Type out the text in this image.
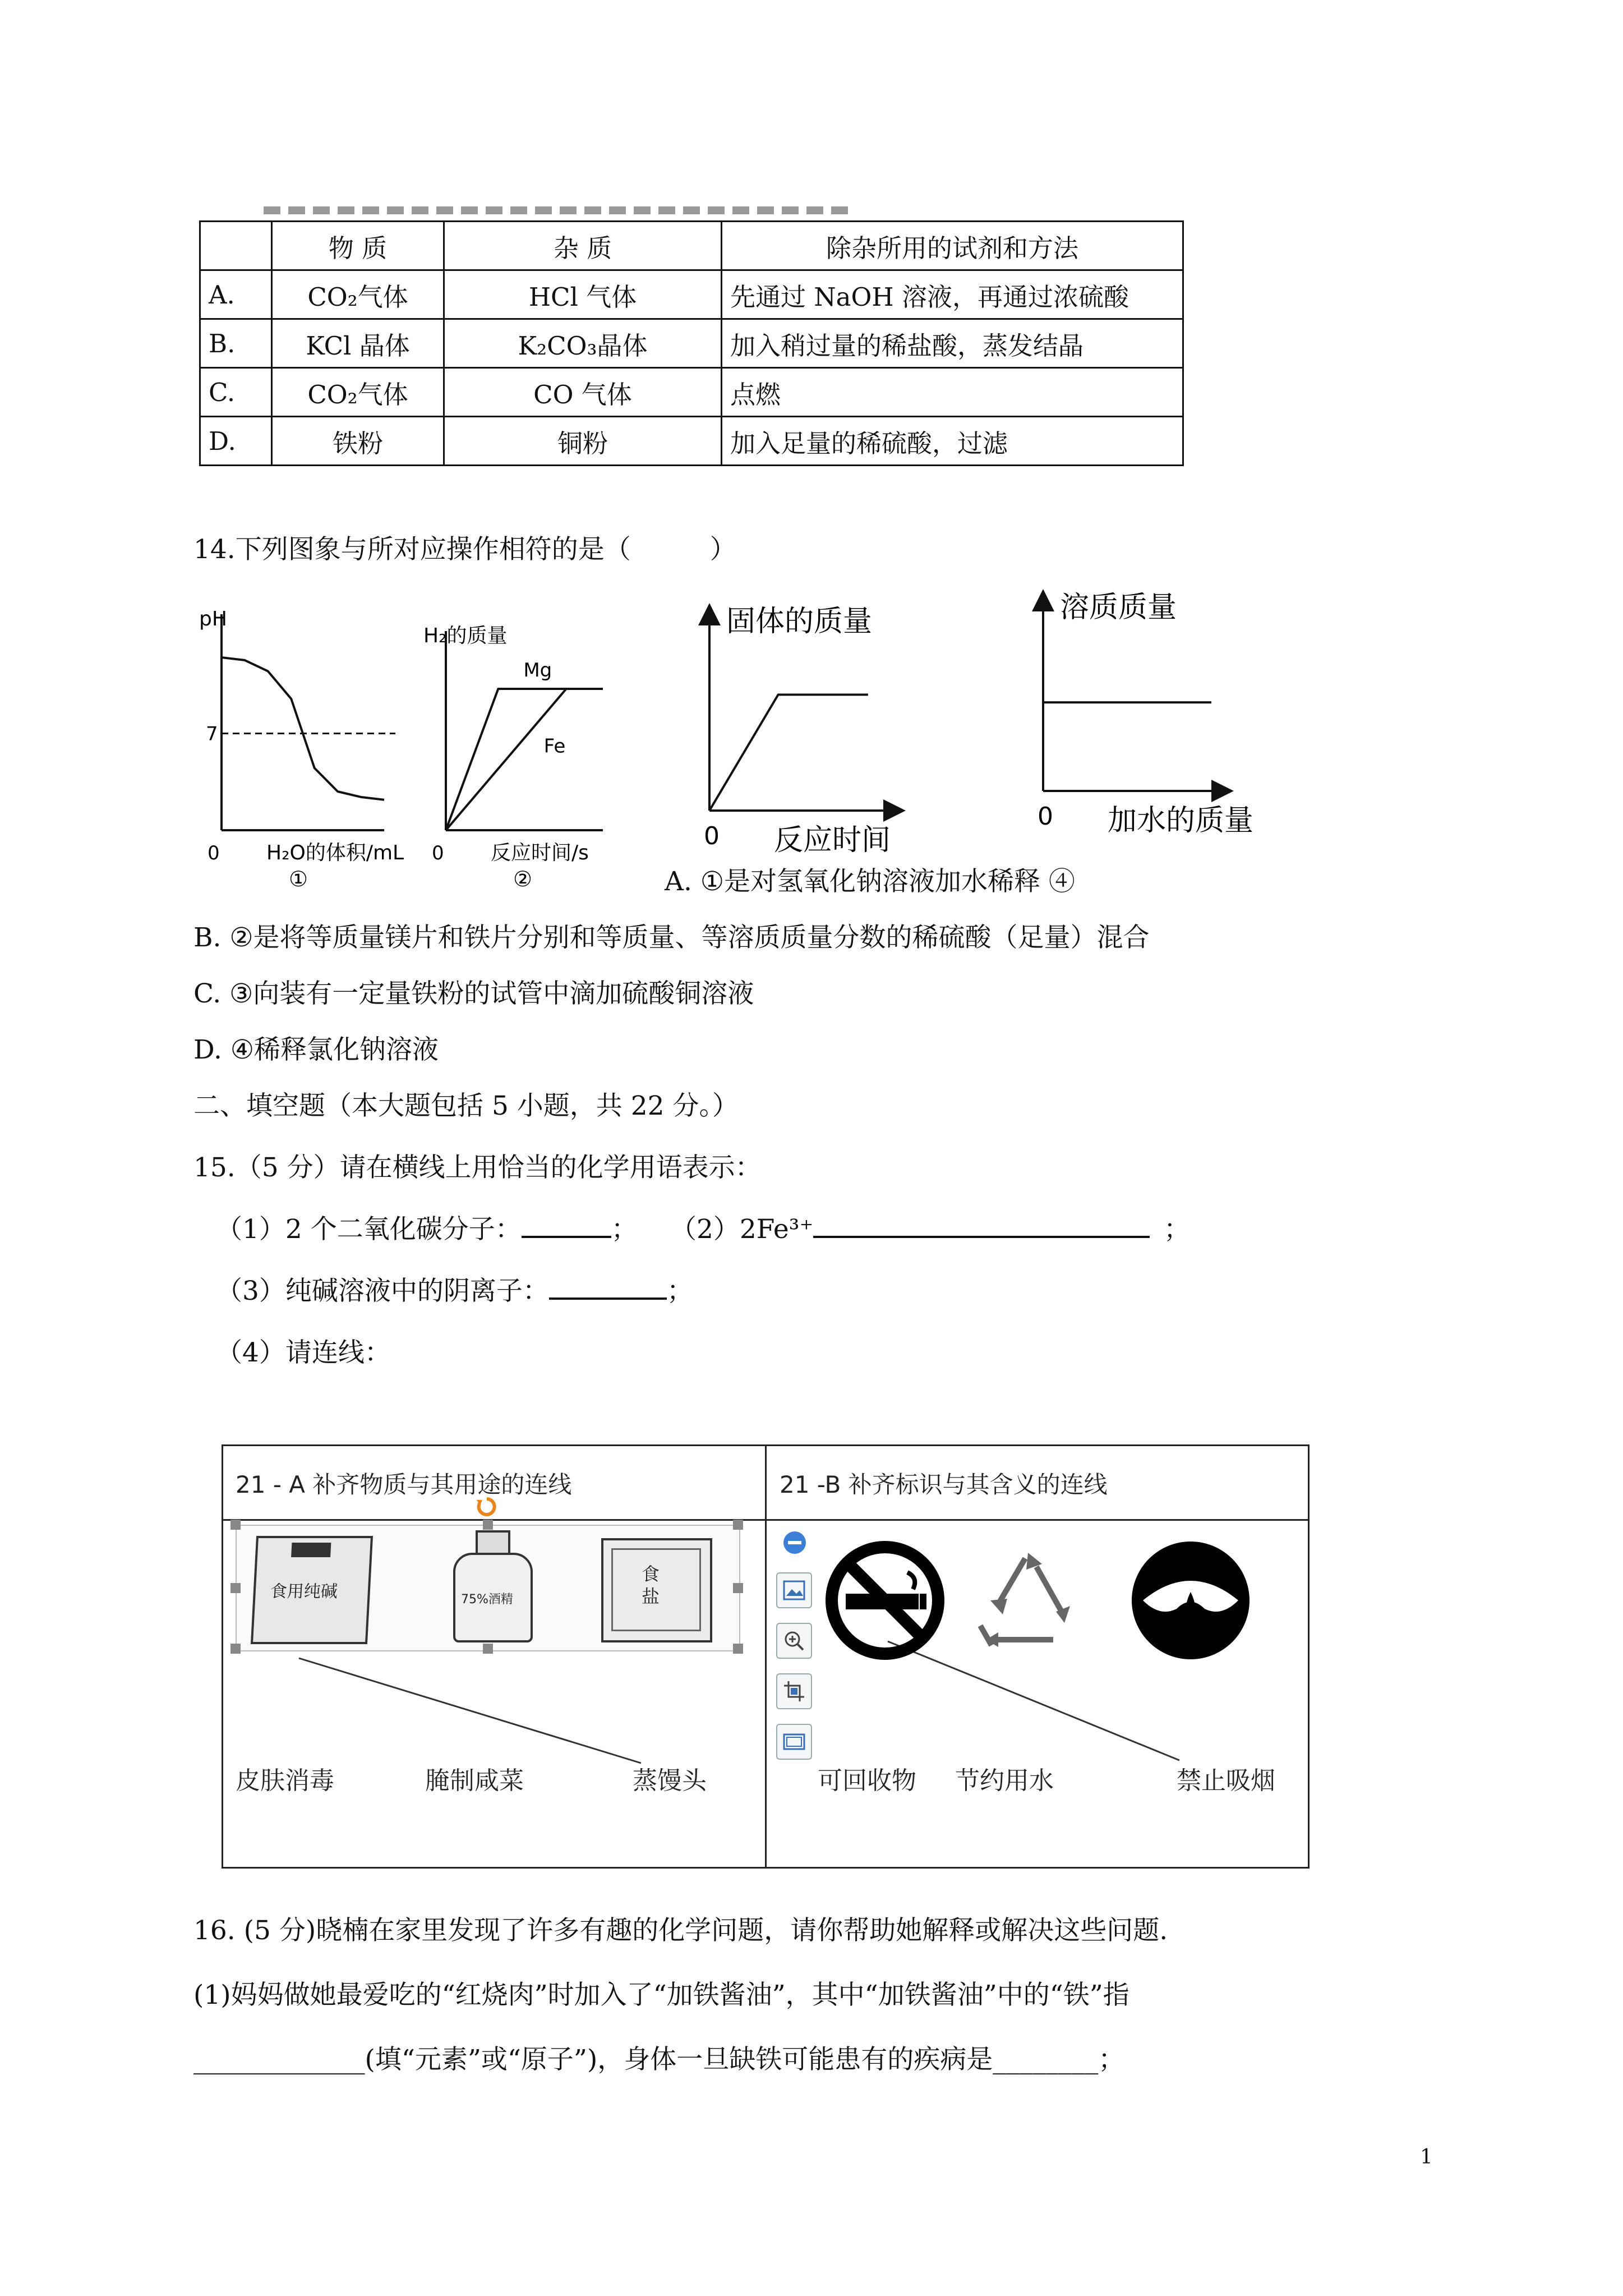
	物 质	杂 质	除杂所用的试剂和方法
A.	CO₂气体	HCl 气体	先通过 NaOH 溶液，再通过浓硫酸
B.	KCl 晶体	K₂CO₃晶体	加入稍过量的稀盐酸，蒸发结晶
C.	CO₂气体	CO 气体	点燃
D.	铁粉	铜粉	加入足量的稀硫酸，过滤
14.下列图象与所对应操作相符的是（　　　）
7
pH
0 H₂O的体积/mL
①
Mg
Fe
H₂的质量
0 反应时间/s
②
固体的质量
0 反应时间
溶质质量
0 加水的质量
A. ①是对氢氧化钠溶液加水稀释 ④
B. ②是将等质量镁片和铁片分别和等质量、等溶质质量分数的稀硫酸（足量）混合
C. ③向装有一定量铁粉的试管中滴加硫酸铜溶液
D. ④稀释氯化钠溶液
二、填空题（本大题包括 5 小题，共 22 分。）
15.（5 分）请在横线上用恰当的化学用语表示：
（1）2 个二氧化碳分子：	； （2）2Fe³⁺	；
（3）纯碱溶液中的阴离子：	；
（4）请连线：
21 - A 补齐物质与其用途的连线	21 -B 补齐标识与其含义的连线
食用纯碱	75%酒精
食盐
皮肤消毒	腌制咸菜	蒸馒头	可回收物 节约用水	禁止吸烟
16. (5 分)晓楠在家里发现了许多有趣的化学问题，请你帮助她解释或解决这些问题.
(1)妈妈做她最爱吃的“红烧肉”时加入了“加铁酱油”，其中“加铁酱油”中的“铁”指
_____________(填“元素”或“原子”)，身体一旦缺铁可能患有的疾病是________；
1
